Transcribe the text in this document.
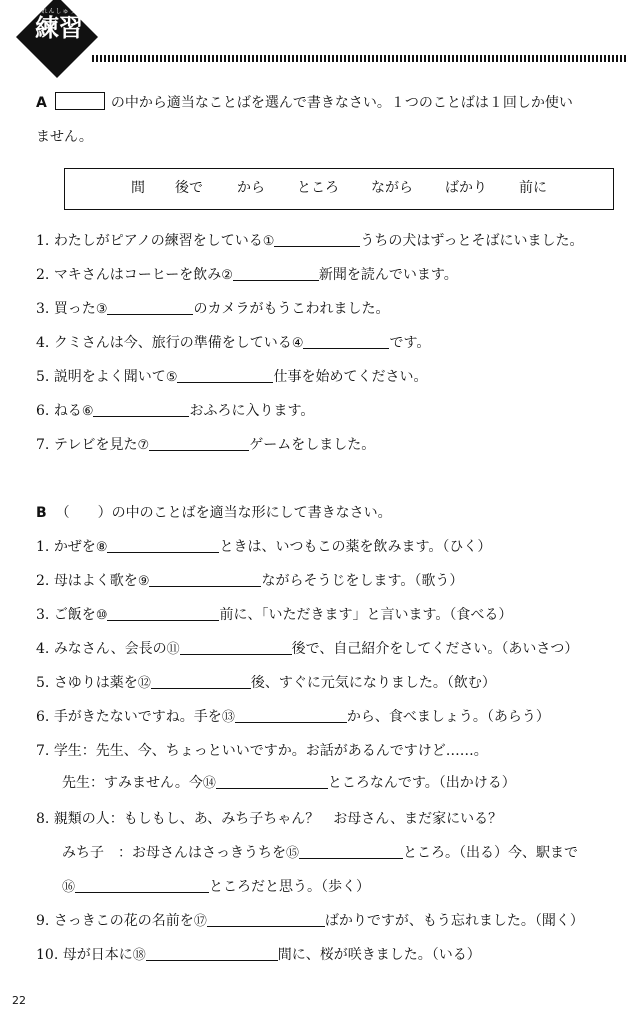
れんしゅう
練習
A	の中から適当なことばを選んで書きなさい。１つのことばは１回しか使い
ません。
間 後で から ところ ながら ばかり 前に
1. わたしがピアノの練習をしている①	うちの犬はずっとそばにいました。
2. マキさんはコーヒーを飲み②	新聞を読んでいます。
3. 買った③	のカメラがもうこわれました。
4. クミさんは今、旅行の準備をしている④	です。
5. 説明をよく聞いて⑤	仕事を始めてください。
6. ねる⑥	おふろに入ります。
7. テレビを見た⑦	ゲームをしました。
B （　　）の中のことばを適当な形にして書きなさい。
1. かぜを⑧	ときは、いつもこの薬を飲みます。（ひく）
2. 母はよく歌を⑨	ながらそうじをします。（歌う）
3. ご飯を⑩	前に、「いただきます」と言います。（食べる）
4. みなさん、会長の⑪	後で、自己紹介をしてください。（あいさつ）
5. さゆりは薬を⑫	後、すぐに元気になりました。（飲む）
6. 手がきたないですね。手を⑬	から、食べましょう。（あらう）
7. 学生：先生、今、ちょっといいですか。お話があるんですけど……。
先生：すみません。今⑭	ところなんです。（出かける）
8. 親類の人：もしもし、あ、みち子ちゃん？　お母さん、まだ家にいる？
みち子　：お母さんはさっきうちを⑮	ところ。（出る）今、駅まで
⑯	ところだと思う。（歩く）
9. さっきこの花の名前を⑰	ばかりですが、もう忘れました。（聞く）
10. 母が日本に⑱	間に、桜が咲きました。（いる）
22
